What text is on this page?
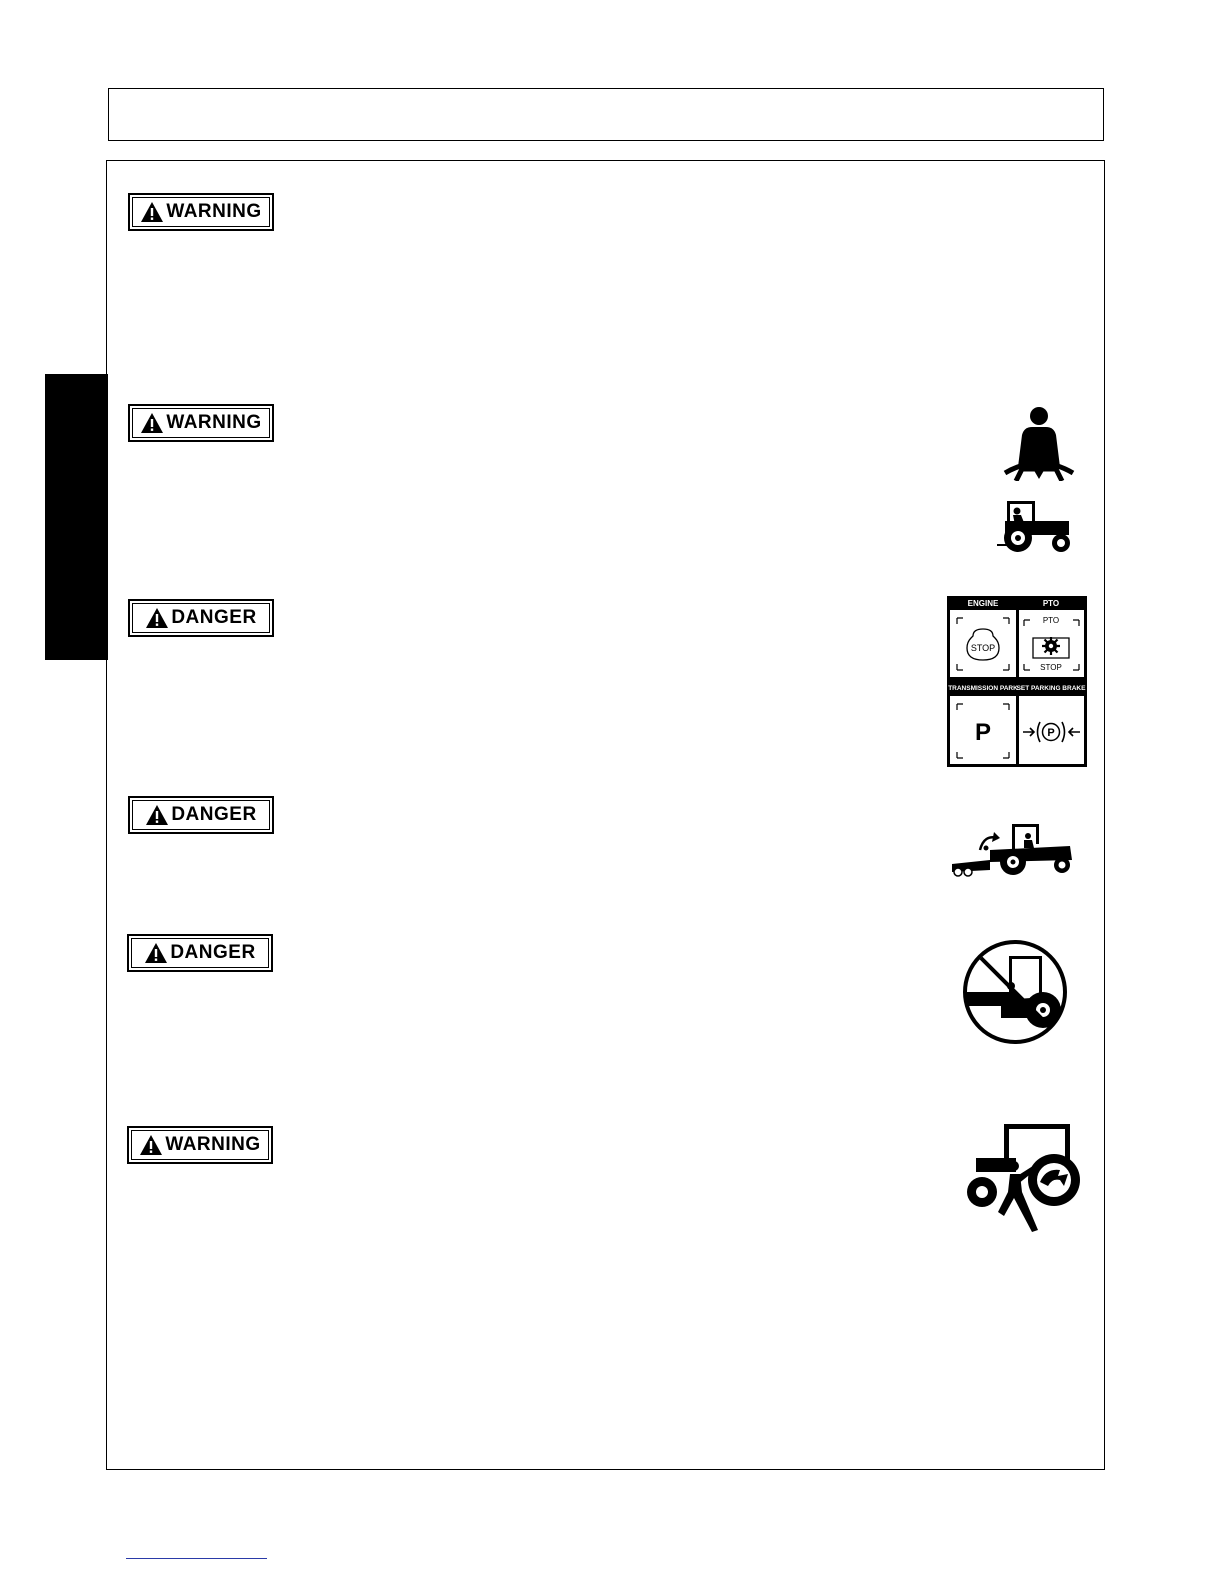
WARNING
WARNING
DANGER
DANGER
DANGER
WARNING
ENGINE
STOP
PTO
PTO
STOP
TRANSMISSION PARK
P
SET PARKING BRAKE
P
